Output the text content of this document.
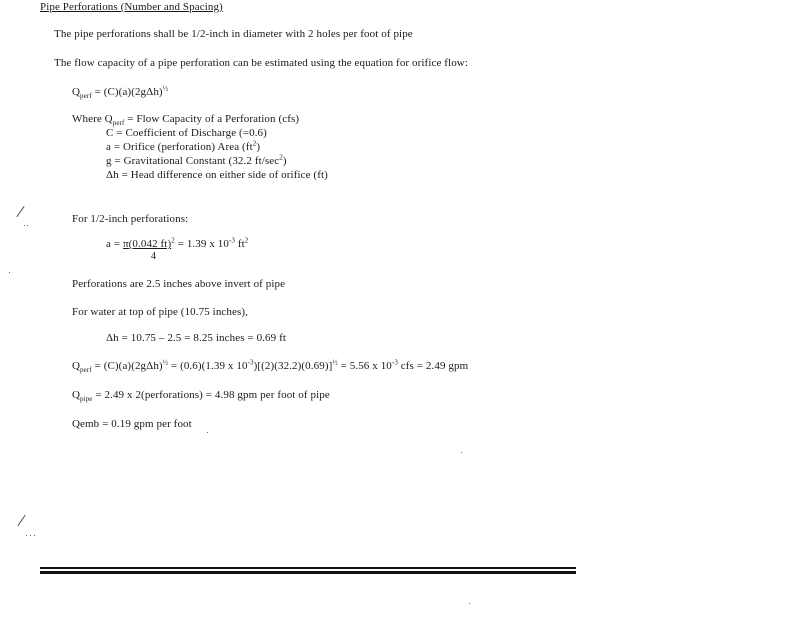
Pipe Perforations (Number and Spacing)
The pipe perforations shall be 1/2-inch in diameter with 2 holes per foot of pipe
The flow capacity of a pipe perforation can be estimated using the equation for orifice flow:
$Q_{perf} = (C)(a)(2g\Delta h)^{\frac{1}{2}}$
Where $Q_{perf}$ = Flow Capacity of a Perforation (cfs)
C = Coefficient of Discharge (=0.6)
a = Orifice (perforation) Area $(ft^2)$
g = Gravitational Constant (32.2 $ft/\sec^2$)
Δh = Head difference on either side of orifice (ft)
For 1/2-inch perforations:
$a = \frac{\pi(0.042 ft)}{4} ^2 = 1.39$ x $10^{-3}$ $ft^2$
Perforations are 2.5 inches above invert of pipe
For water at top of pipe (10.75 inches),
Δh = 10.75 – 2.5 = 8.25 inches = 0.69 ft
$Q_{perf} = (C)(a)(2g\Delta h)^{\frac{1}{2}} = (0.6)(1.39$ x $10^{-3})[(2)(32.2)(0.69)]^{\frac{1}{2}} = 5.56$ x $10^{-3}$ cfs = 2.49 gpm
$Q_{pipe} = 2.49$ x 2(perforations) = 4.98 gpm per foot of pipe
Qemb = 0.19 gpm per foot
